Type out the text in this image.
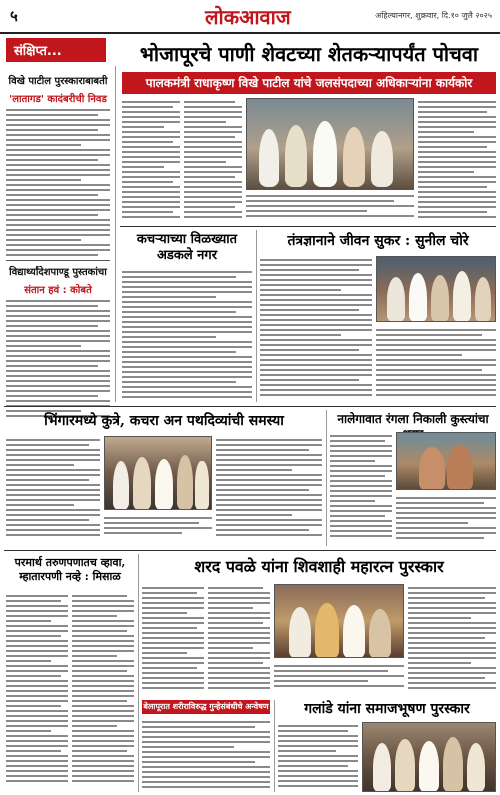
५	लोकआवाज	अहिल्यानगर, शुक्रवार, दि.१० जुलै २०२५
संक्षिप्त...	भोजापूरचे पाणी शेवटच्या शेतकऱ्यापर्यंत पोचवा
पालकमंत्री राधाकृष्ण विखे पाटील यांचे जलसंपदाच्या अधिकाऱ्यांना कार्यकोर
विखे पाटील पुरस्काराबाबती
'लातागड' कादंबरीची निवड
विद्यार्थ्यांदेशपाण्डू पुस्तकांचा
संतान हवं : कोबते
कचऱ्याच्या विळख्यात अडकले नगर
तंत्रज्ञानाने जीवन सुकर : सुनील चोरे
भिंगारमध्ये कुत्रे, कचरा अन पथदिव्यांची समस्या	नालेगावात रंगला निकाली कुस्त्यांचा
परमार्थ तरुणपणातच व्हावा, म्हातारपणी नव्हे : मिसाळ
शरद पवळे यांना शिवशाही महारत्न पुरस्कार
बेलापूरात शरीराविरुद्ध गुन्हेसंबंधीचे अन्वेषण	गलांडे यांना समाजभूषण पुरस्कार
